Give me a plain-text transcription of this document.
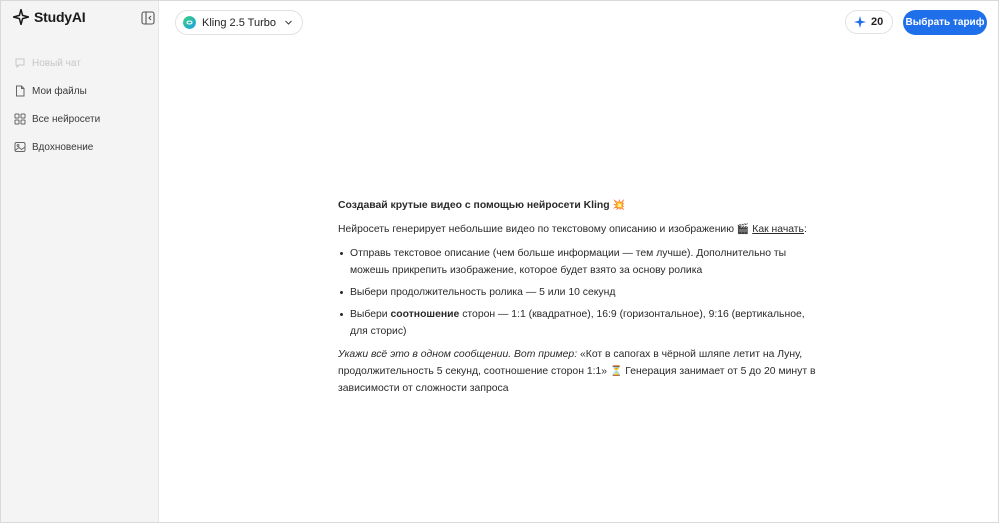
StudyAI
Новый чат
Мои файлы
Все нейросети
Вдохновение
Kling 2.5 Turbo	20 Выбрать тариф
Создавай крутые видео с помощью нейросети Kling 💥

Нейросеть генерирует небольшие видео по текстовому описанию и изображению 🎬 Как начать:

Отправь текстовое описание (чем больше информации — тем лучше). Дополнительно ты можешь прикрепить изображение, которое будет взято за основу ролика
Выбери продолжительность ролика — 5 или 10 секунд
Выбери соотношение сторон — 1:1 (квадратное), 16:9 (горизонтальное), 9:16 (вертикальное, для сторис)

Укажи всё это в одном сообщении. Вот пример: «Кот в сапогах в чёрной шляпе летит на Луну, продолжительность 5 секунд, соотношение сторон 1:1» ⏳ Генерация занимает от 5 до 20 минут в зависимости от сложности запроса
